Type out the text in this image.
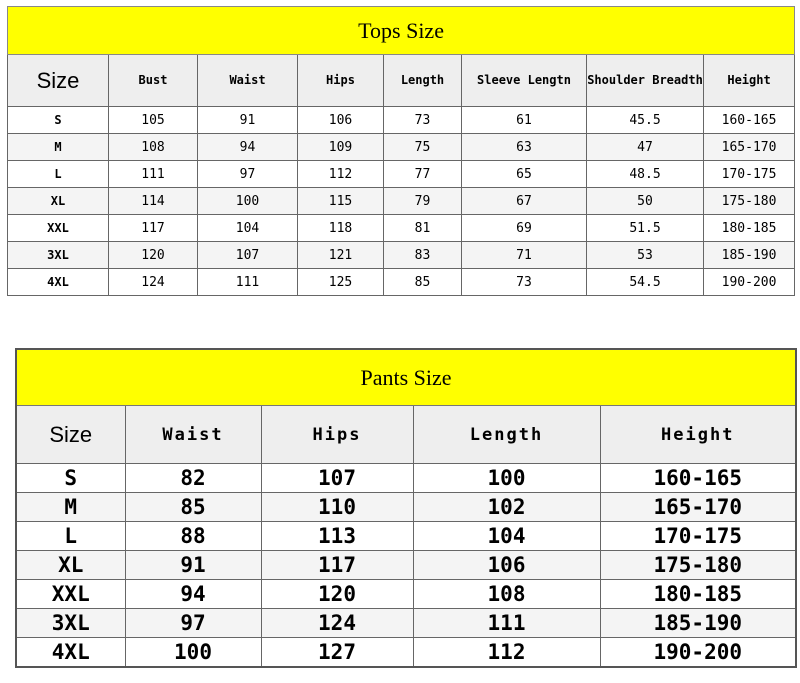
Tops Size							
Size	Bust	Waist	Hips	Length	Sleeve Lengtn	Shoulder Breadth	Height
S	105	91	106	73	61	45.5	160-165
M	108	94	109	75	63	47	165-170
L	111	97	112	77	65	48.5	170-175
XL	114	100	115	79	67	50	175-180
XXL	117	104	118	81	69	51.5	180-185
3XL	120	107	121	83	71	53	185-190
4XL	124	111	125	85	73	54.5	190-200
Pants Size				
Size	Waist	Hips	Length	Height
S	82	107	100	160-165
M	85	110	102	165-170
L	88	113	104	170-175
XL	91	117	106	175-180
XXL	94	120	108	180-185
3XL	97	124	111	185-190
4XL	100	127	112	190-200
